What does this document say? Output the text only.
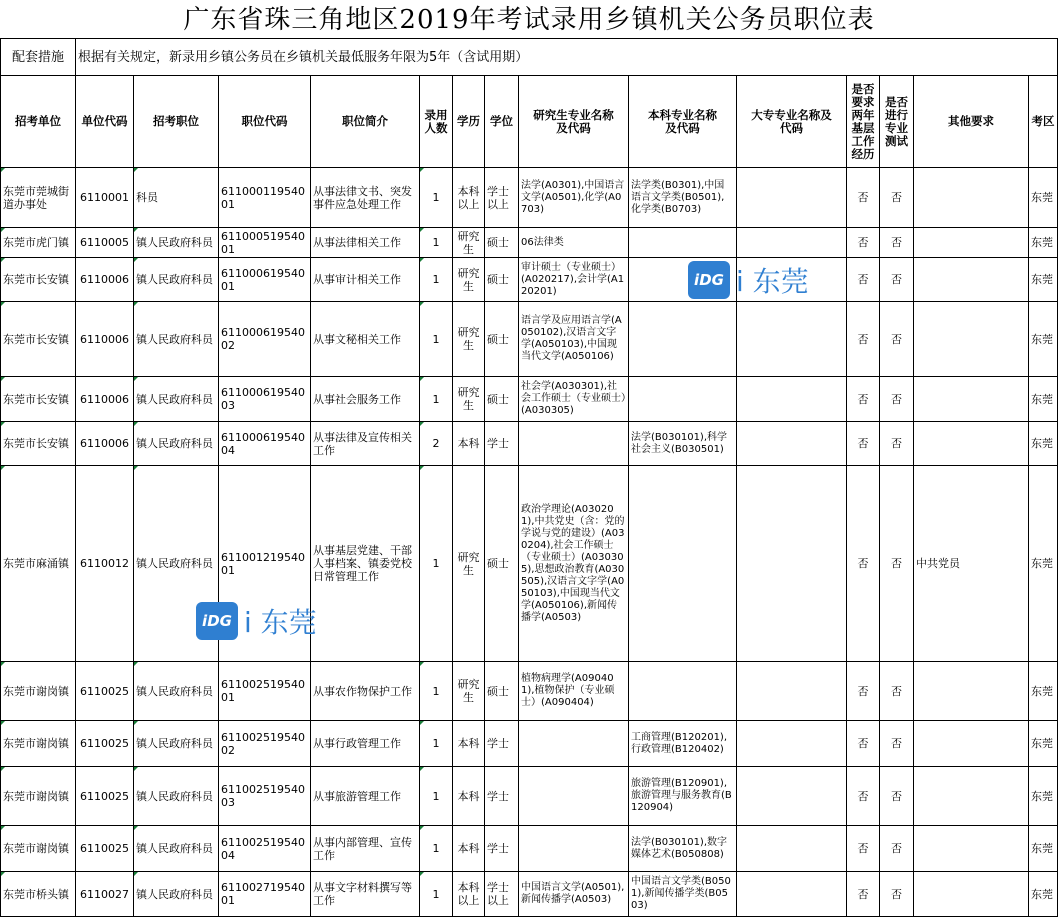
广东省珠三角地区2019年考试录用乡镇机关公务员职位表
配套措施	根据有关规定，新录用乡镇公务员在乡镇机关最低服务年限为5年（含试用期）													
招考单位	单位代码	招考职位	职位代码	职位简介	录用人数	学历	学位	研究生专业名称及代码	本科专业名称及代码	大专专业名称及代码	是否要求两年基层工作经历	是否进行专业测试	其他要求	考区
东莞市莞城街道办事处	6110001	科员	61100011954001	从事法律文书、突发事件应急处理工作	1	本科以上	学士以上	法学(A0301),中国语言文学(A0501),化学(A0703)	法学类(B0301),中国语言文学类(B0501),化学类(B0703)		否	否		东莞
东莞市虎门镇	6110005	镇人民政府科员	61100051954001	从事法律相关工作	1	研究生	硕士	06法律类			否	否		东莞
东莞市长安镇	6110006	镇人民政府科员	61100061954001	从事审计相关工作	1	研究生	硕士	审计硕士（专业硕士）(A020217),会计学(A120201)			否	否		东莞
东莞市长安镇	6110006	镇人民政府科员	61100061954002	从事文秘相关工作	1	研究生	硕士	语言学及应用语言学(A050102),汉语言文字学(A050103),中国现当代文学(A050106)			否	否		东莞
东莞市长安镇	6110006	镇人民政府科员	61100061954003	从事社会服务工作	1	研究生	硕士	社会学(A030301),社会工作硕士（专业硕士）(A030305)			否	否		东莞
东莞市长安镇	6110006	镇人民政府科员	61100061954004	从事法律及宣传相关工作	2	本科	学士		法学(B030101),科学社会主义(B030501)		否	否		东莞
东莞市麻涌镇	6110012	镇人民政府科员	61100121954001	从事基层党建、干部人事档案、镇委党校日常管理工作	1	研究生	硕士	政治学理论(A030201),中共党史（含：党的学说与党的建设）(A030204),社会工作硕士（专业硕士）(A030305),思想政治教育(A030505),汉语言文字学(A050103),中国现当代文学(A050106),新闻传播学(A0503)			否	否	中共党员	东莞
东莞市谢岗镇	6110025	镇人民政府科员	61100251954001	从事农作物保护工作	1	研究生	硕士	植物病理学(A090401),植物保护（专业硕士）(A090404)			否	否		东莞
东莞市谢岗镇	6110025	镇人民政府科员	61100251954002	从事行政管理工作	1	本科	学士		工商管理(B120201),行政管理(B120402)		否	否		东莞
东莞市谢岗镇	6110025	镇人民政府科员	61100251954003	从事旅游管理工作	1	本科	学士		旅游管理(B120901),旅游管理与服务教育(B120904)		否	否		东莞
东莞市谢岗镇	6110025	镇人民政府科员	61100251954004	从事内部管理、宣传工作	1	本科	学士		法学(B030101),数字媒体艺术(B050808)		否	否		东莞
东莞市桥头镇	6110027	镇人民政府科员	61100271954001	从事文字材料撰写等工作	1	本科以上	学士以上	中国语言文学(A0501),新闻传播学(A0503)	中国语言文学类(B0501),新闻传播学类(B0503)		否	否		东莞
iDG i 东莞
iDG i 东莞
